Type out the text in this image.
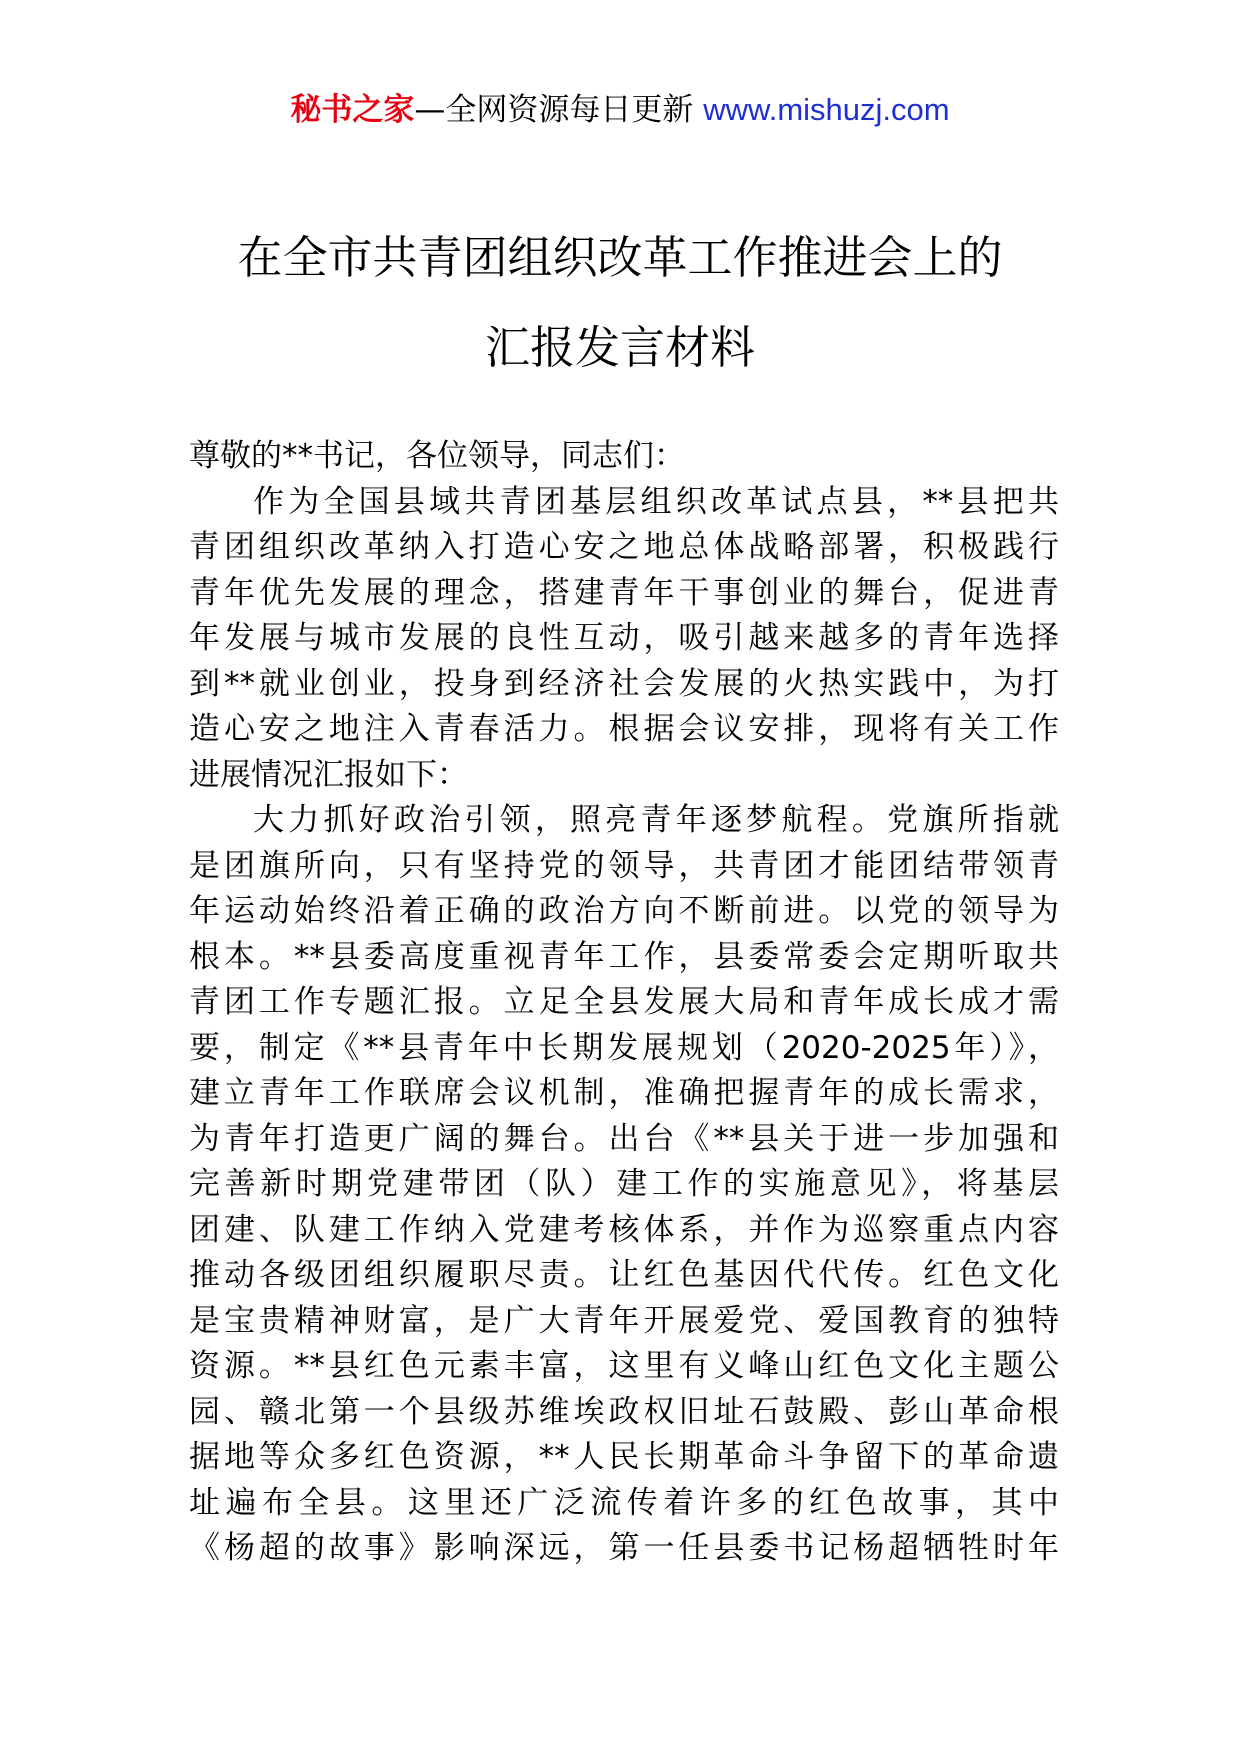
秘书之家—全网资源每日更新 www.mishuzj.com
在全市共青团组织改革工作推进会上的
汇报发言材料
尊敬的**书记，各位领导，同志们：
作为全国县域共青团基层组织改革试点县，**县把共
青团组织改革纳入打造心安之地总体战略部署，积极践行
青年优先发展的理念，搭建青年干事创业的舞台，促进青
年发展与城市发展的良性互动，吸引越来越多的青年选择
到**就业创业，投身到经济社会发展的火热实践中，为打
造心安之地注入青春活力。根据会议安排，现将有关工作
进展情况汇报如下：
大力抓好政治引领，照亮青年逐梦航程。党旗所指就
是团旗所向，只有坚持党的领导，共青团才能团结带领青
年运动始终沿着正确的政治方向不断前进。以党的领导为
根本。**县委高度重视青年工作，县委常委会定期听取共
青团工作专题汇报。立足全县发展大局和青年成长成才需
要，制定《**县青年中长期发展规划（2020-2025年）》，
建立青年工作联席会议机制，准确把握青年的成长需求，
为青年打造更广阔的舞台。出台《**县关于进一步加强和
完善新时期党建带团（队）建工作的实施意见》，将基层
团建、队建工作纳入党建考核体系，并作为巡察重点内容
推动各级团组织履职尽责。让红色基因代代传。红色文化
是宝贵精神财富，是广大青年开展爱党、爱国教育的独特
资源。**县红色元素丰富，这里有义峰山红色文化主题公
园、赣北第一个县级苏维埃政权旧址石鼓殿、彭山革命根
据地等众多红色资源，**人民长期革命斗争留下的革命遗
址遍布全县。这里还广泛流传着许多的红色故事，其中
《杨超的故事》影响深远，第一任县委书记杨超牺牲时年
